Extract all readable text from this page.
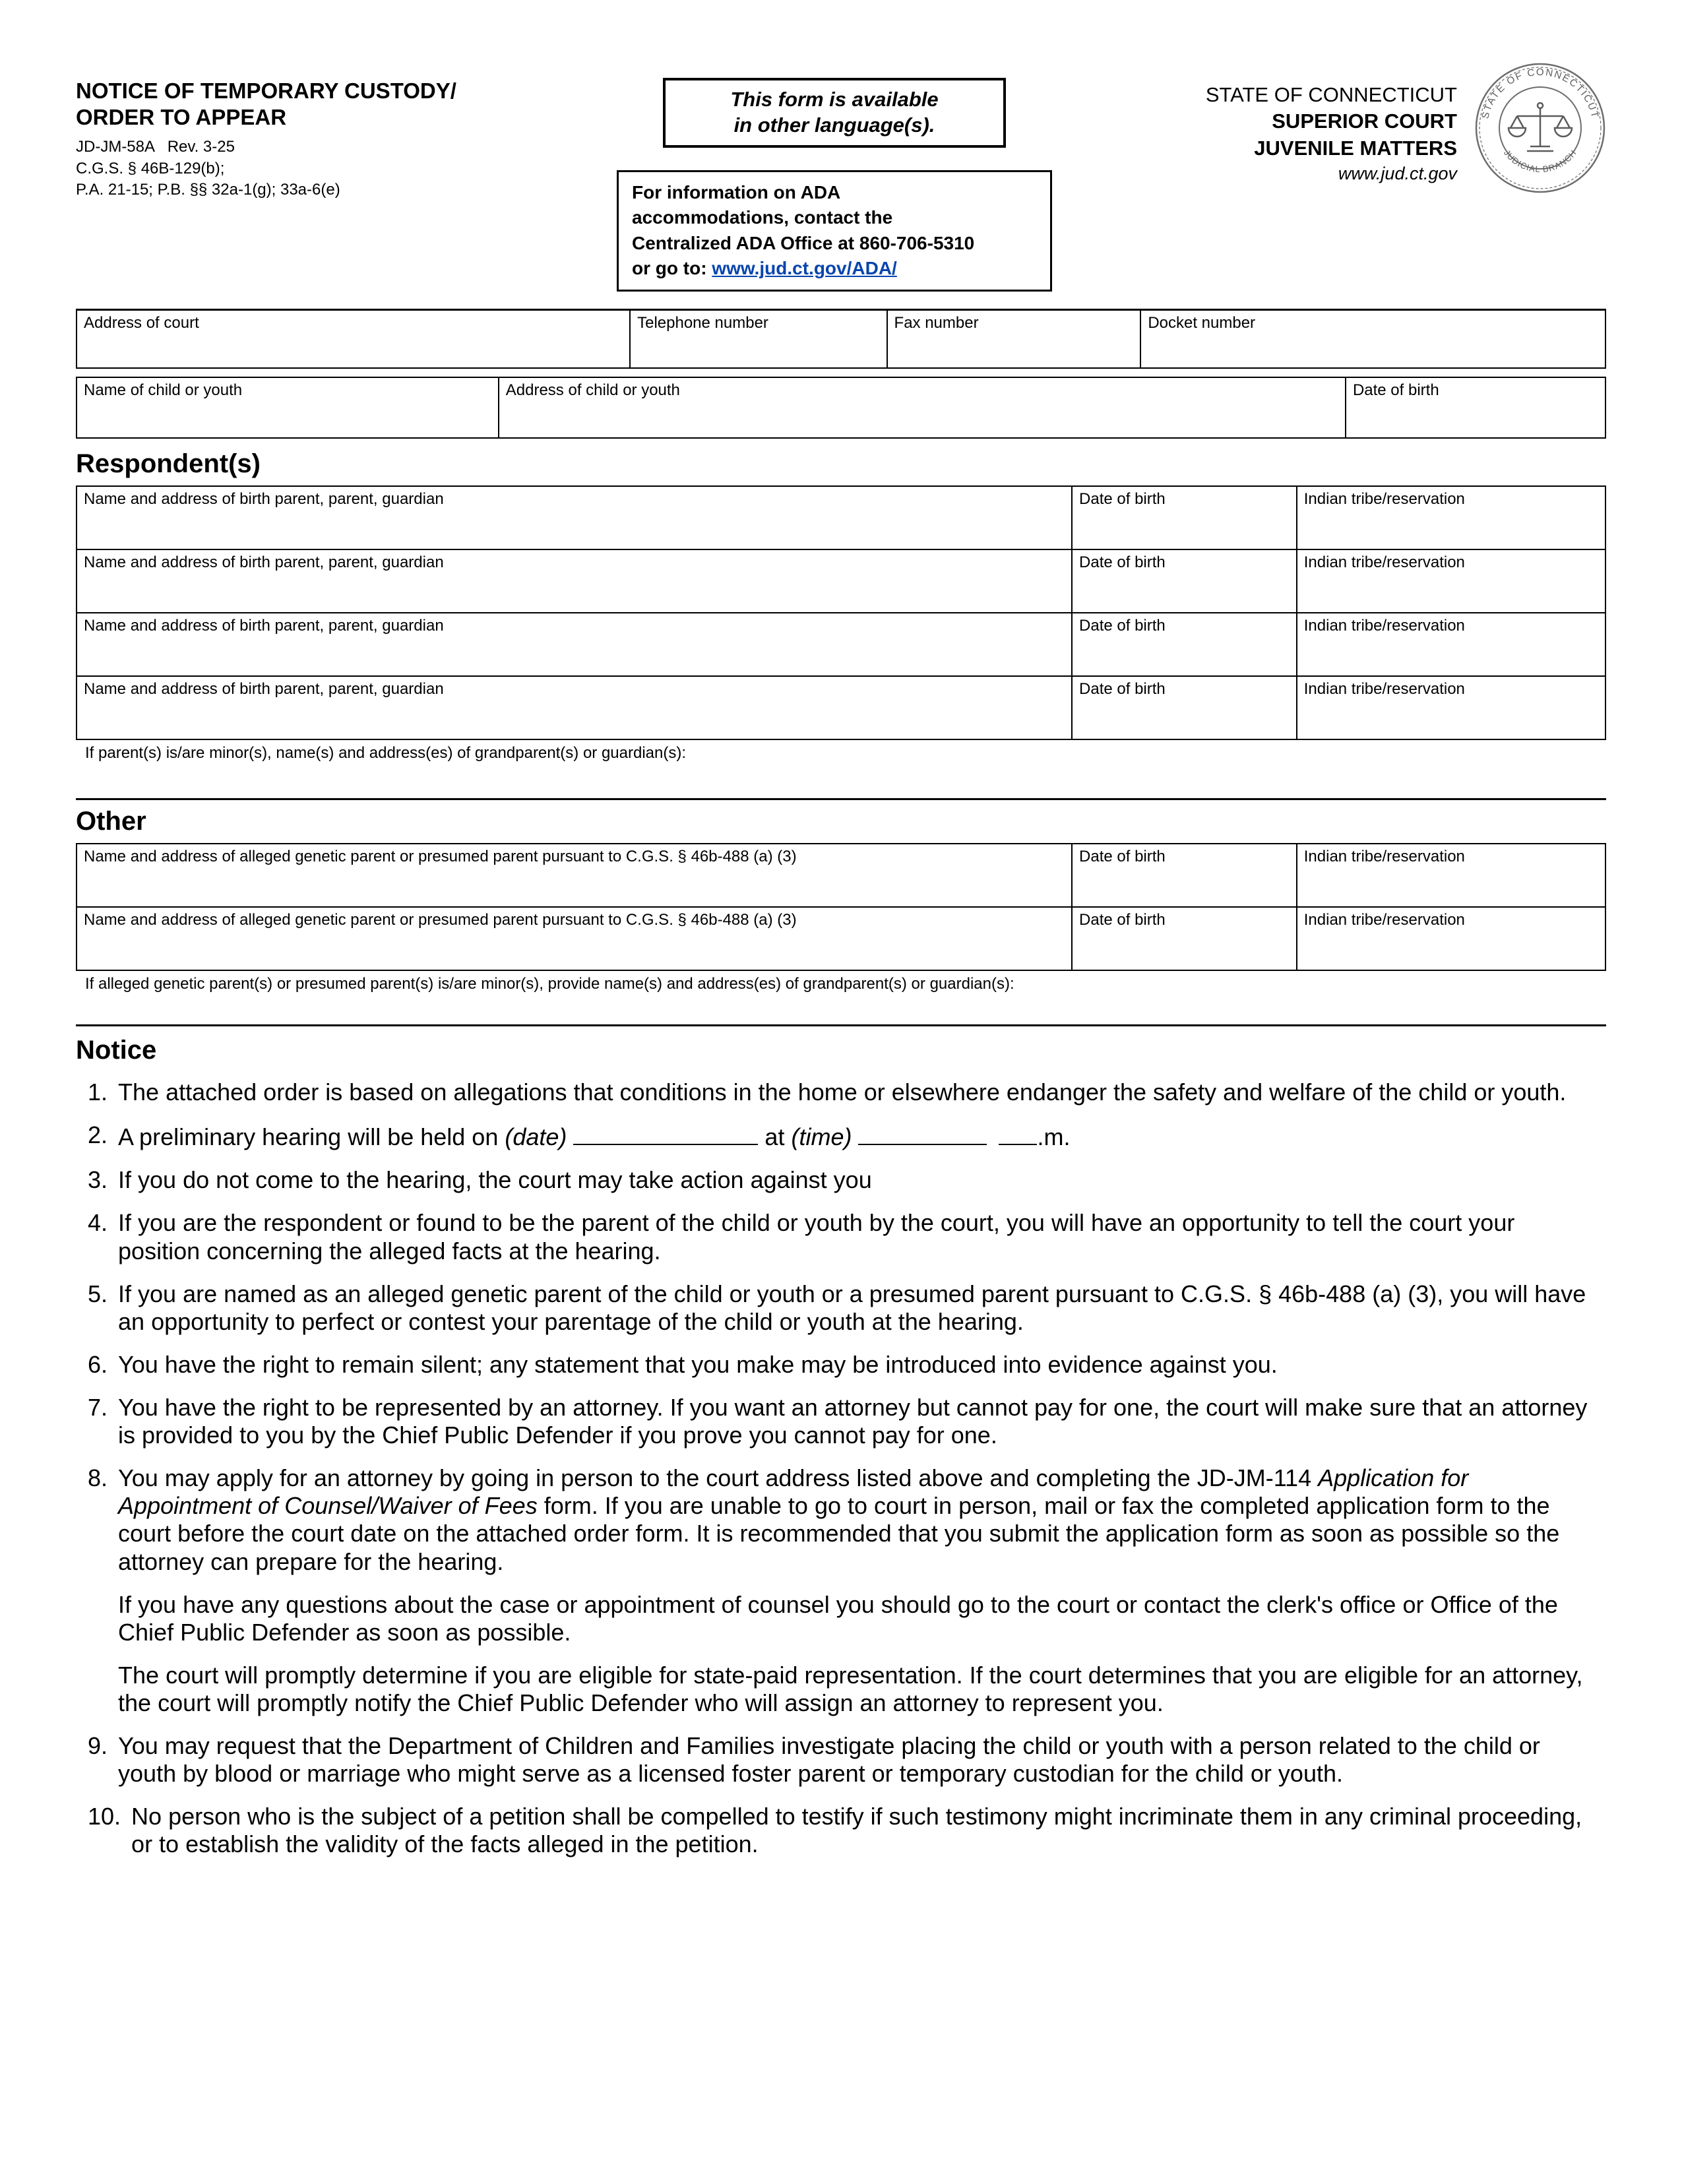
NOTICE OF TEMPORARY CUSTODY/
ORDER TO APPEAR
JD-JM-58A   Rev. 3-25
C.G.S. § 46B-129(b);
P.A. 21-15; P.B. §§ 32a-1(g); 33a-6(e)
This form is available
in other language(s).
For information on ADA
accommodations, contact the
Centralized ADA Office at 860-706-5310
or go to: www.jud.ct.gov/ADA/
STATE OF CONNECTICUT
SUPERIOR COURT
JUVENILE MATTERS
www.jud.ct.gov
STATE OF CONNECTICUT
JUDICIAL BRANCH
Address of court	Telephone number	Fax number	Docket number
Name of child or youth	Address of child or youth	Date of birth
Respondent(s)
Name and address of birth parent, parent, guardian	Date of birth	Indian tribe/reservation

Name and address of birth parent, parent, guardian	Date of birth	Indian tribe/reservation

Name and address of birth parent, parent, guardian	Date of birth	Indian tribe/reservation

Name and address of birth parent, parent, guardian	Date of birth	Indian tribe/reservation
If parent(s) is/are minor(s), name(s) and address(es) of grandparent(s) or guardian(s):
Other
Name and address of alleged genetic parent or presumed parent pursuant to C.G.S. § 46b-488 (a) (3)	Date of birth	Indian tribe/reservation

Name and address of alleged genetic parent or presumed parent pursuant to C.G.S. § 46b-488 (a) (3)	Date of birth	Indian tribe/reservation
If alleged genetic parent(s) or presumed parent(s) is/are minor(s), provide name(s) and address(es) of grandparent(s) or guardian(s):
Notice
1. The attached order is based on allegations that conditions in the home or elsewhere endanger the safety and welfare of the child or youth.
2. A preliminary hearing will be held on (date)	at (time)	.m.
3. If you do not come to the hearing, the court may take action against you
4. If you are the respondent or found to be the parent of the child or youth by the court, you will have an opportunity to tell the court your position concerning the alleged facts at the hearing.
5. If you are named as an alleged genetic parent of the child or youth or a presumed parent pursuant to C.G.S. § 46b-488 (a) (3), you will have an opportunity to perfect or contest your parentage of the child or youth at the hearing.
6. You have the right to remain silent; any statement that you make may be introduced into evidence against you.
7. You have the right to be represented by an attorney. If you want an attorney but cannot pay for one, the court will make sure that an attorney is provided to you by the Chief Public Defender if you prove you cannot pay for one.
8. You may apply for an attorney by going in person to the court address listed above and completing the JD-JM-114 Application for Appointment of Counsel/Waiver of Fees form. If you are unable to go to court in person, mail or fax the completed application form to the court before the court date on the attached order form. It is recommended that you submit the application form as soon as possible so the attorney can prepare for the hearing.

If you have any questions about the case or appointment of counsel you should go to the court or contact the clerk's office or Office of the Chief Public Defender as soon as possible.

The court will promptly determine if you are eligible for state-paid representation. If the court determines that you are eligible for an attorney, the court will promptly notify the Chief Public Defender who will assign an attorney to represent you.

9. You may request that the Department of Children and Families investigate placing the child or youth with a person related to the child or youth by blood or marriage who might serve as a licensed foster parent or temporary custodian for the child or youth.
10. No person who is the subject of a petition shall be compelled to testify if such testimony might incriminate them in any criminal proceeding, or to establish the validity of the facts alleged in the petition.
